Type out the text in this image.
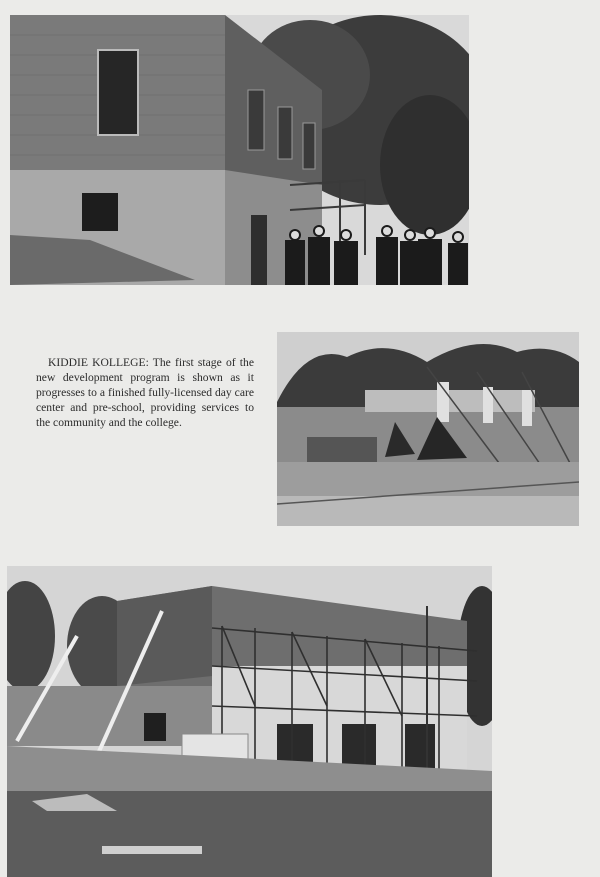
KIDDIE KOLLEGE: The first stage of the new development program is shown as it progresses to a finished fully-licensed day care center and pre-school, providing services to the community and the college.
